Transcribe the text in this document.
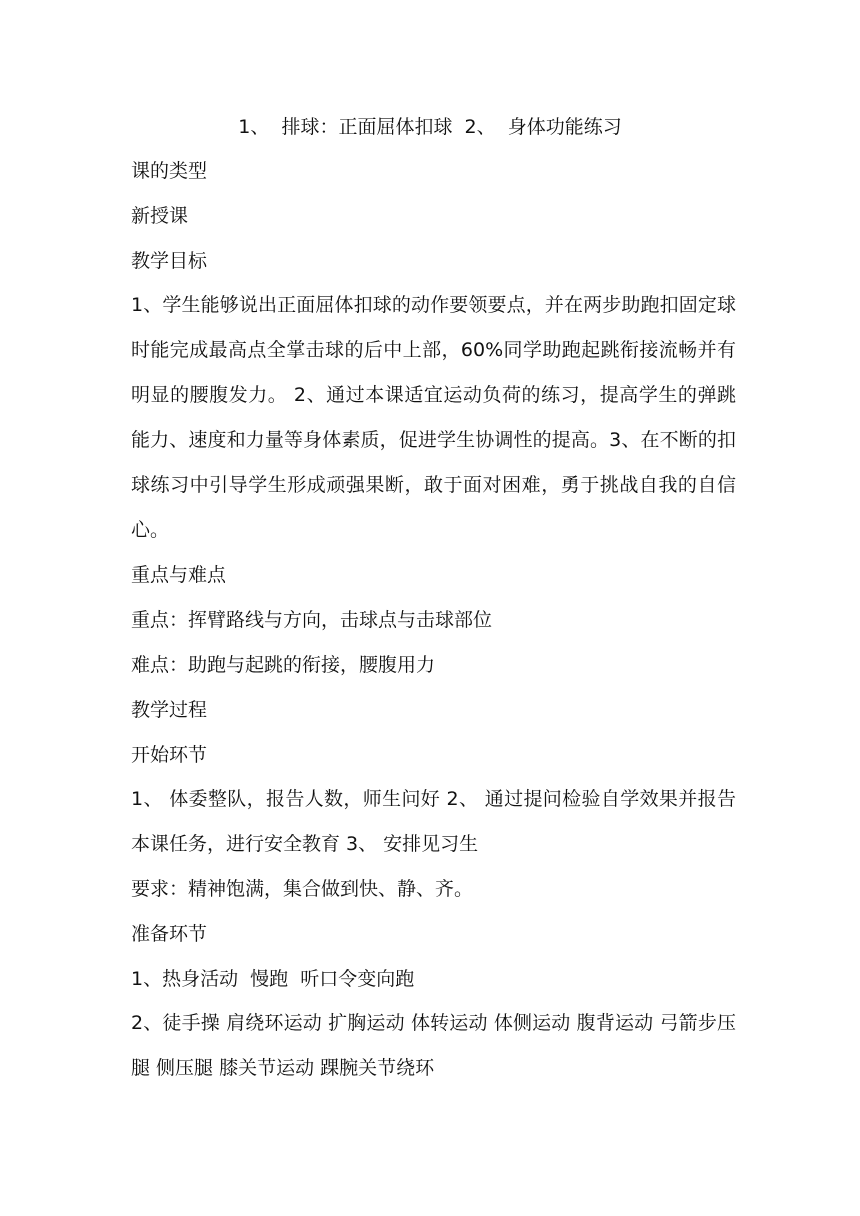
1、  排球：正面屈体扣球  2、  身体功能练习
课的类型
新授课
教学目标
1、学生能够说出正面屈体扣球的动作要领要点，并在两步助跑扣固定球时能完成最高点全掌击球的后中上部，60%同学助跑起跳衔接流畅并有明显的腰腹发力。 2、通过本课适宜运动负荷的练习，提高学生的弹跳能力、速度和力量等身体素质，促进学生协调性的提高。3、在不断的扣球练习中引导学生形成顽强果断，敢于面对困难，勇于挑战自我的自信心。
重点与难点
重点：挥臂路线与方向，击球点与击球部位
难点：助跑与起跳的衔接，腰腹用力
教学过程
开始环节
1、 体委整队，报告人数，师生问好 2、 通过提问检验自学效果并报告本课任务，进行安全教育 3、 安排见习生
要求：精神饱满，集合做到快、静、齐。
准备环节
1、热身活动  慢跑  听口令变向跑
2、徒手操 肩绕环运动 扩胸运动 体转运动 体侧运动 腹背运动 弓箭步压腿 侧压腿 膝关节运动 踝腕关节绕环
